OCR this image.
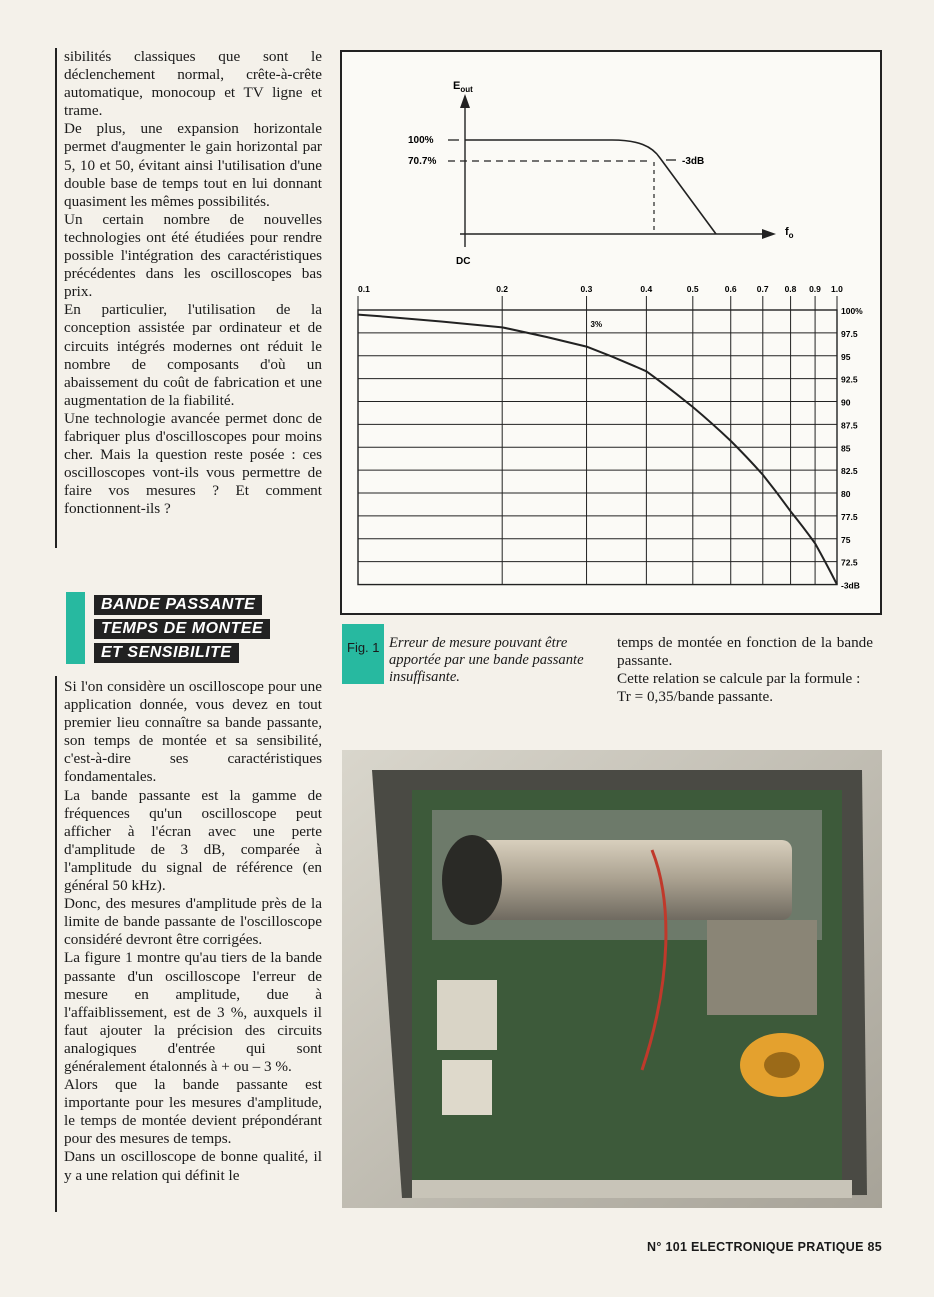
sibilités classiques que sont le déclenchement normal, crête-à-crête automatique, monocoup et TV ligne et trame.

De plus, une expansion horizontale permet d'augmenter le gain horizontal par 5, 10 et 50, évitant ainsi l'utilisation d'une double base de temps tout en lui donnant quasiment les mêmes possibilités.

Un certain nombre de nouvelles technologies ont été étudiées pour rendre possible l'intégration des caractéristiques précédentes dans les oscilloscopes bas prix.

En particulier, l'utilisation de la conception assistée par ordinateur et de circuits intégrés modernes ont réduit le nombre de composants d'où un abaissement du coût de fabrication et une augmentation de la fiabilité.

Une technologie avancée permet donc de fabriquer plus d'oscilloscopes pour moins cher. Mais la question reste posée : ces oscilloscopes vont-ils vous permettre de faire vos mesures ? Et comment fonctionnent-ils ?

BANDE PASSANTE
TEMPS DE MONTEE
ET SENSIBILITE

Si l'on considère un oscilloscope pour une application donnée, vous devez en tout premier lieu connaître sa bande passante, son temps de montée et sa sensibilité, c'est-à-dire ses caractéristiques fondamentales.

La bande passante est la gamme de fréquences qu'un oscilloscope peut afficher à l'écran avec une perte d'amplitude de 3 dB, comparée à l'amplitude du signal de référence (en général 50 kHz).

Donc, des mesures d'amplitude près de la limite de bande passante de l'oscilloscope considéré devront être corrigées.

La figure 1 montre qu'au tiers de la bande passante d'un oscilloscope l'erreur de mesure en amplitude, due à l'affaiblissement, est de 3 %, auxquels il faut ajouter la précision des circuits analogiques d'entrée qui sont généralement étalonnés à + ou – 3 %.

Alors que la bande passante est importante pour les mesures d'amplitude, le temps de montée devient prépondérant pour des mesures de temps.

Dans un oscilloscope de bonne qualité, il y a une relation qui définit le

$E_{out}$
$f_o$
DC
100%
70.7%	-3dB
100%
97.5
95
92.5
90
87.5
85
82.5
80
77.5
75
72.5
-3dB
0.1	0.2	0.3	0.4	0.5	0.6 0.7 0.8 0.9 1.0
3%
Fig. 1 Erreur de mesure pouvant être apportée par une bande passante insuffisante.

temps de montée en fonction de la bande passante.

Cette relation se calcule par la formule :

Tr = 0,35/bande passante.

N° 101 ELECTRONIQUE PRATIQUE 85
